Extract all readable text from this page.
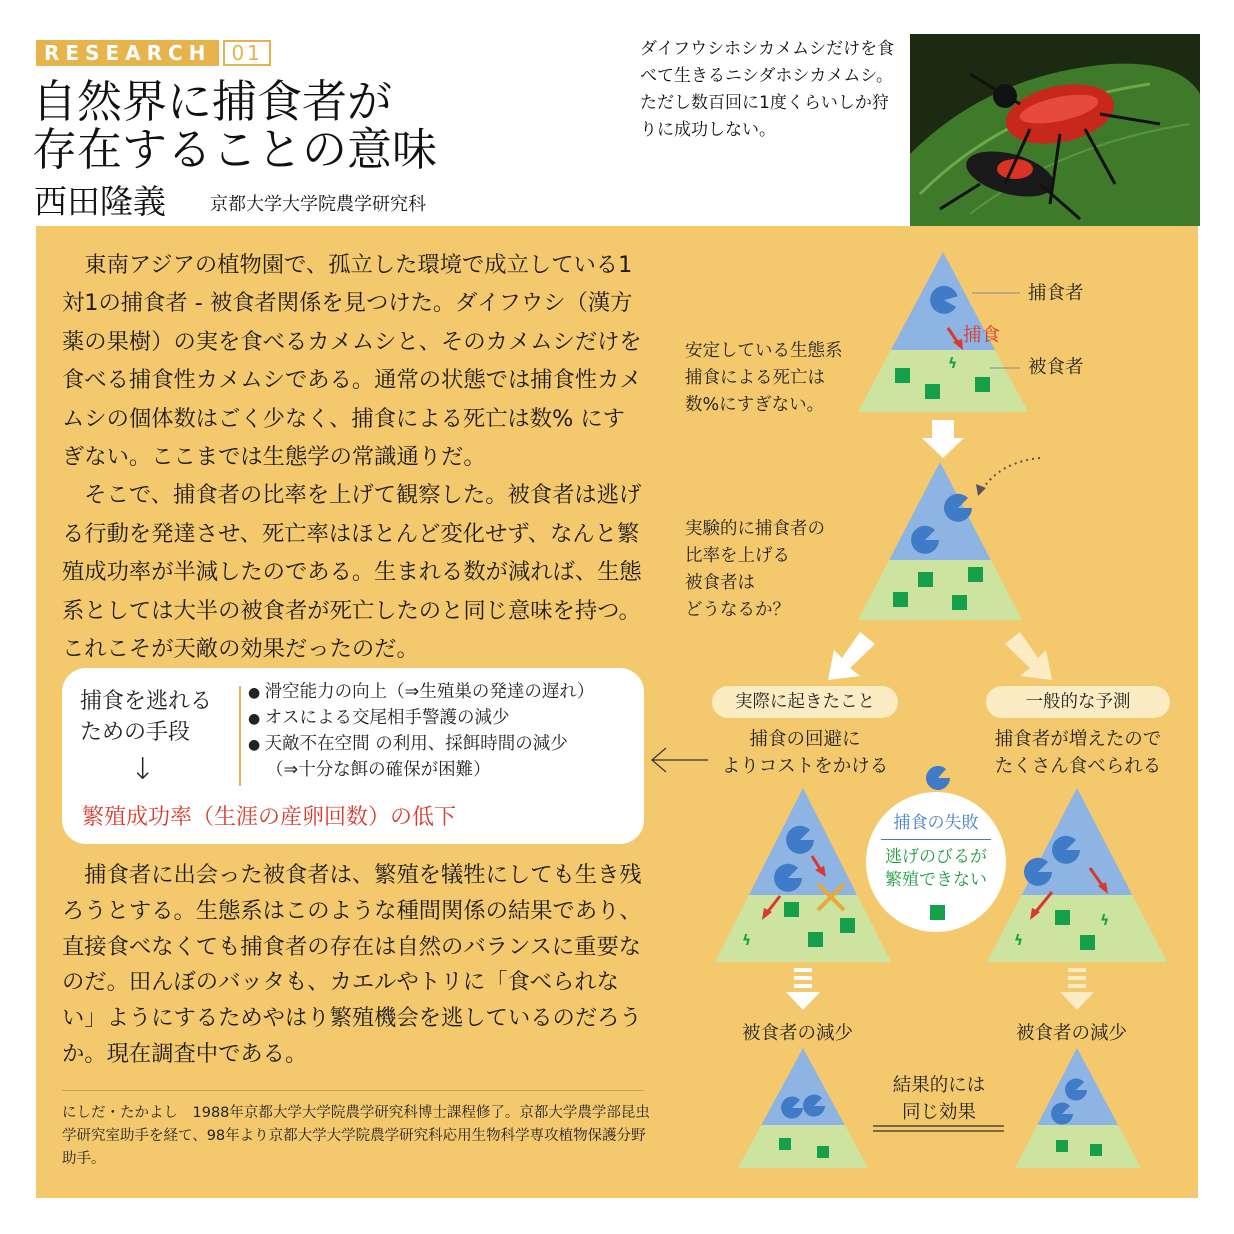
RESEARCH	01
自然界に捕食者が
存在することの意味
西田隆義 京都大学大学院農学研究科
ダイフウシホシカメムシだけを食べて生きるニシダホシカメムシ。ただし数百回に1度くらいしか狩りに成功しない。

東南アジアの植物園で、孤立した環境で成立している1対1の捕食者 - 被食者関係を見つけた。ダイフウシ（漢方薬の果樹）の実を食べるカメムシと、そのカメムシだけを食べる捕食性カメムシである。通常の状態では捕食性カメムシの個体数はごく少なく、捕食による死亡は数% にすぎない。ここまでは生態学の常識通りだ。

そこで、捕食者の比率を上げて観察した。被食者は逃げる行動を発達させ、死亡率はほとんど変化せず、なんと繁殖成功率が半減したのである。生まれる数が減れば、生態系としては大半の被食者が死亡したのと同じ意味を持つ。これこそが天敵の効果だったのだ。

捕食を逃れる
ための手段
↓
● 滑空能力の向上（⇒生殖巣の発達の遅れ）
● オスによる交尾相手警護の減少
● 天敵不在空間 の利用、採餌時間の減少
（⇒十分な餌の確保が困難）
繁殖成功率（生涯の産卵回数）の低下

捕食者に出会った被食者は、繁殖を犠牲にしても生き残ろうとする。生態系はこのような種間関係の結果であり、直接食べなくても捕食者の存在は自然のバランスに重要なのだ。田んぼのバッタも、カエルやトリに「食べられない」ようにするためやはり繁殖機会を逃しているのだろうか。現在調査中である。

にしだ・たかよし　1988年京都大学大学院農学研究科博士課程修了。京都大学農学部昆虫学研究室助手を経て、98年より京都大学大学院農学研究科応用生物科学専攻植物保護分野助手。
ϟ
ϟ
ϟ
ϟ
捕食者
捕食
被食者
安定している生態系
捕食による死亡は
数%にすぎない。
実験的に捕食者の
比率を上げる
被食者は
どうなるか？
実際に起きたこと	一般的な予測
捕食の回避に
よりコストをかける
捕食者が増えたので
たくさん食べられる
捕食の失敗
逃げのびるが
繁殖できない
被食者の減少	被食者の減少
結果的には
同じ効果
